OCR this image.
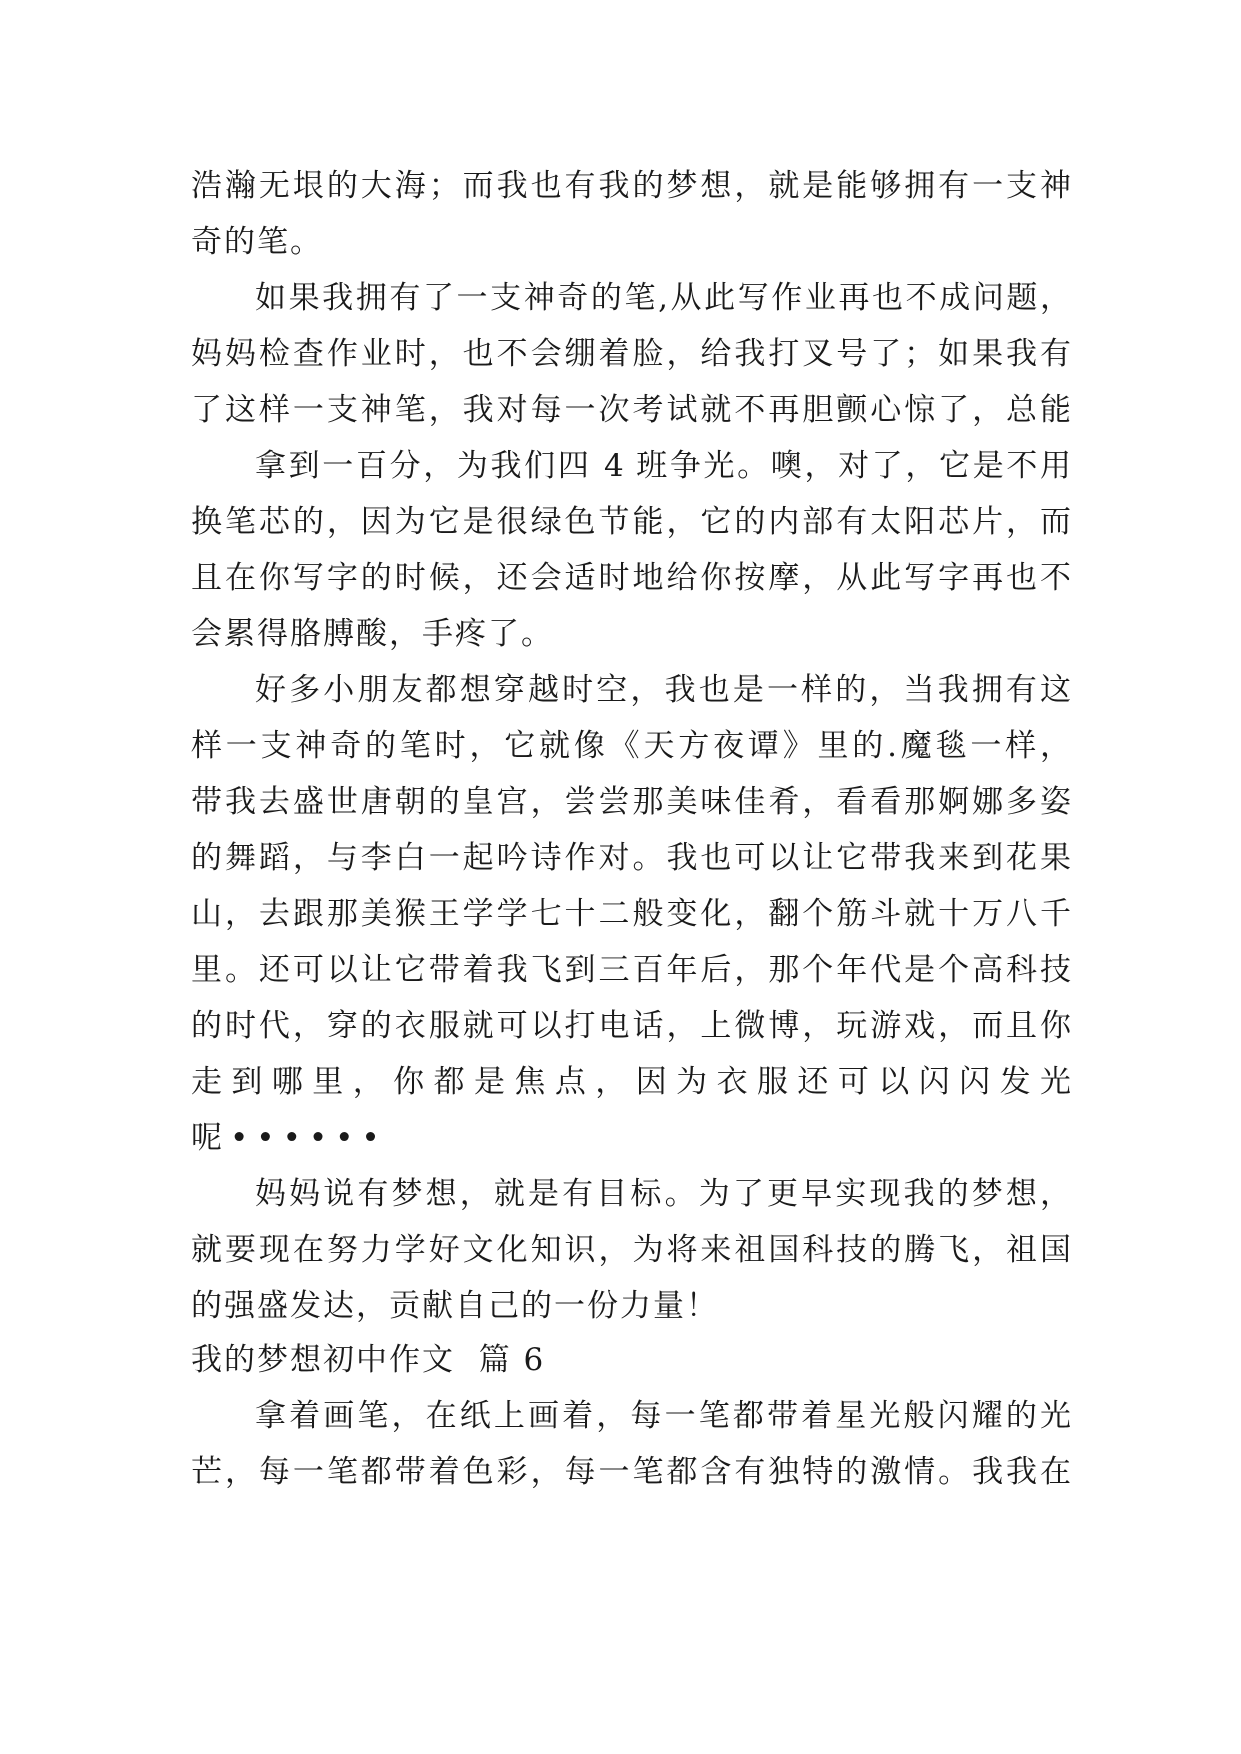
浩瀚无垠的大海；而我也有我的梦想，就是能够拥有一支神
奇的笔。
如果我拥有了一支神奇的笔,从此写作业再也不成问题，
妈妈检查作业时，也不会绷着脸，给我打叉号了；如果我有
了这样一支神笔，我对每一次考试就不再胆颤心惊了，总能
拿到一百分，为我们四 4 班争光。噢，对了，它是不用
换笔芯的，因为它是很绿色节能，它的内部有太阳芯片，而
且在你写字的时候，还会适时地给你按摩，从此写字再也不
会累得胳膊酸，手疼了。
好多小朋友都想穿越时空，我也是一样的，当我拥有这
样一支神奇的笔时，它就像《天方夜谭》里的.魔毯一样，
带我去盛世唐朝的皇宫，尝尝那美味佳肴，看看那婀娜多姿
的舞蹈，与李白一起吟诗作对。我也可以让它带我来到花果
山，去跟那美猴王学学七十二般变化，翻个筋斗就十万八千
里。还可以让它带着我飞到三百年后，那个年代是个高科技
的时代，穿的衣服就可以打电话，上微博，玩游戏，而且你
走到哪里，你都是焦点，因为衣服还可以闪闪发光
呢••••••
妈妈说有梦想，就是有目标。为了更早实现我的梦想，
就要现在努力学好文化知识，为将来祖国科技的腾飞，祖国
的强盛发达，贡献自己的一份力量！
我的梦想初中作文  篇 6
拿着画笔，在纸上画着，每一笔都带着星光般闪耀的光
芒，每一笔都带着色彩，每一笔都含有独特的激情。我我在
